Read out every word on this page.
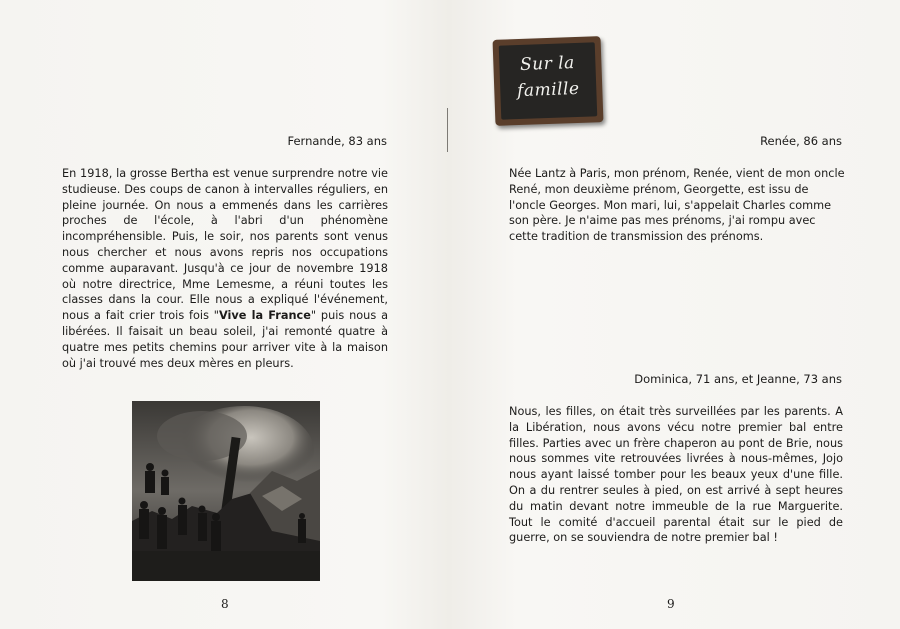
Fernande, 83 ans
En 1918, la grosse Bertha est venue surprendre notre vie studieuse. Des coups de canon à intervalles réguliers, en pleine journée. On nous a emmenés dans les carrières proches de l'école, à l'abri d'un phénomène incompréhensible. Puis, le soir, nos parents sont venus nous chercher et nous avons repris nos occupations comme auparavant. Jusqu'à ce jour de novembre 1918 où notre directrice, Mme Lemesme, a réuni toutes les classes dans la cour. Elle nous a expliqué l'événement, nous a fait crier trois fois "Vive la France" puis nous a libérées. Il faisait un beau soleil, j'ai remonté quatre à quatre mes petits chemins pour arriver vite à la maison où j'ai trouvé mes deux mères en pleurs.
8
Renée, 86 ans
Née Lantz à Paris, mon prénom, Renée, vient de mon oncle René, mon deuxième prénom, Georgette, est issu de l'oncle Georges. Mon mari, lui, s'appelait Charles comme son père. Je n'aime pas mes prénoms, j'ai rompu avec cette tradition de transmission des prénoms.
Dominica, 71 ans, et Jeanne, 73 ans
Nous, les filles, on était très surveillées par les parents. A la Libération, nous avons vécu notre premier bal entre filles. Parties avec un frère chaperon au pont de Brie, nous nous sommes vite retrouvées livrées à nous-mêmes, Jojo nous ayant laissé tomber pour les beaux yeux d'une fille. On a du rentrer seules à pied, on est arrivé à sept heures du matin devant notre immeuble de la rue Marguerite. Tout le comité d'accueil parental était sur le pied de guerre, on se souviendra de notre premier bal !
9
Sur la
famille
